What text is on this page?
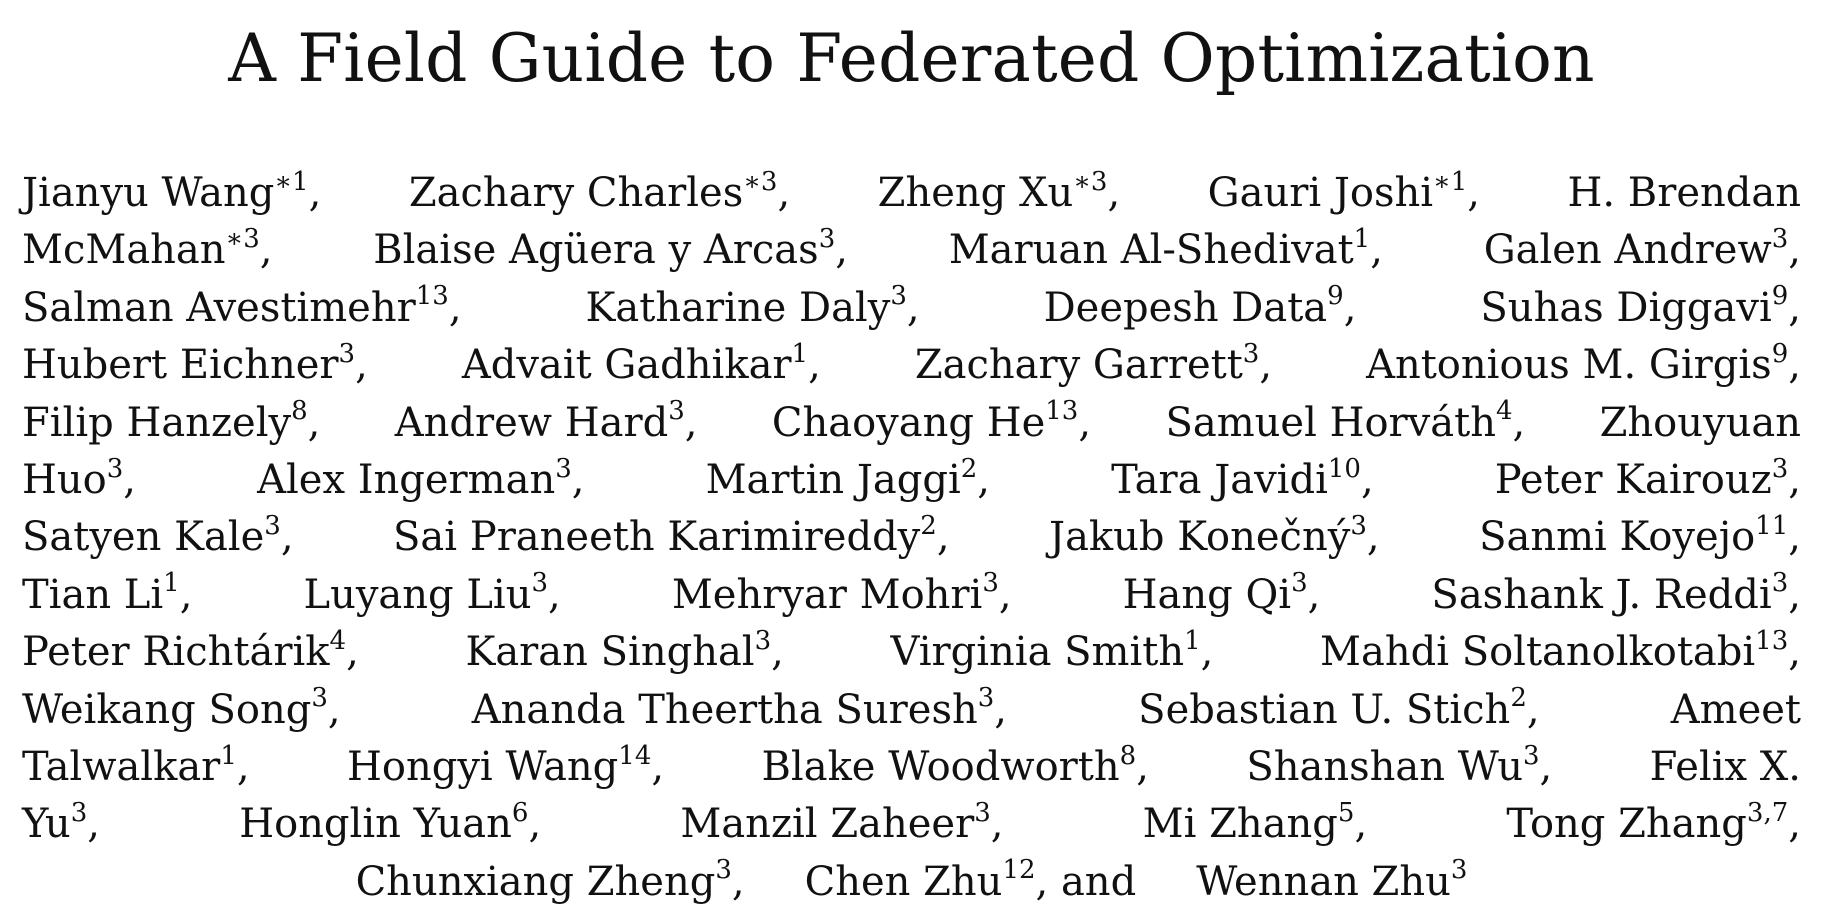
A Field Guide to Federated Optimization
Jianyu Wang$^{∗1}$, Zachary Charles$^{∗3}$, Zheng $Xu^{∗3}$, Gauri Joshi$^{∗1}$, H. Brendan
McMahan$^{∗3}$,	Blaise Agüera y Arcas$^3$,	Maruan Al-Shedivat$^1$,	Galen Andrew$^3$,
Salman Avestimehr$^{13}$,	Katharine Daly$^3$,	Deepesh Data$^9$,	Suhas Diggavi$^9$,
Hubert Eichner$^3$, Advait Gadhikar$^1$, Zachary Garrett$^3$, Antonious M. Girgis$^9$,
Filip Hanzely$^8$, Andrew Hard$^3$, Chaoyang He$^{13}$, Samuel Horváth$^4$, Zhouyuan
Huo$^3$,	Alex Ingerman$^3$,	Martin Jaggi$^2$,	Tara Javidi$^{10}$,	Peter Kairouz$^3$,
Satyen Kale$^3$, Sai Praneeth Karimireddy$^2$, Jakub Konečný$^3$, Sanmi Koyejo$^{11}$,
Tian Li$^1$,	Luyang Liu$^3$,	Mehryar Mohri$^3$,	Hang Qi$^3$,	Sashank J. Reddi$^3$,
Peter Richtárik$^4$,	Karan Singhal$^3$,	Virginia Smith$^1$,	Mahdi Soltanolkotabi$^{13}$,
Weikang Song$^3$,	Ananda Theertha Suresh$^3$,	Sebastian U. Stich$^2$,	Ameet
Talwalkar$^1$, Hongyi Wang$^{14}$, Blake Woodworth$^8$, Shanshan Wu$^3$, Felix X.
Yu$^3$,	Honglin Yuan$^6$,	Manzil Zaheer$^3$,	Mi Zhang$^5$,	Tong Zhang$^{3,7}$,
Chunxiang Zheng$^3$, Chen Zhu$^{12}$, and Wennan Zhu$^3$
